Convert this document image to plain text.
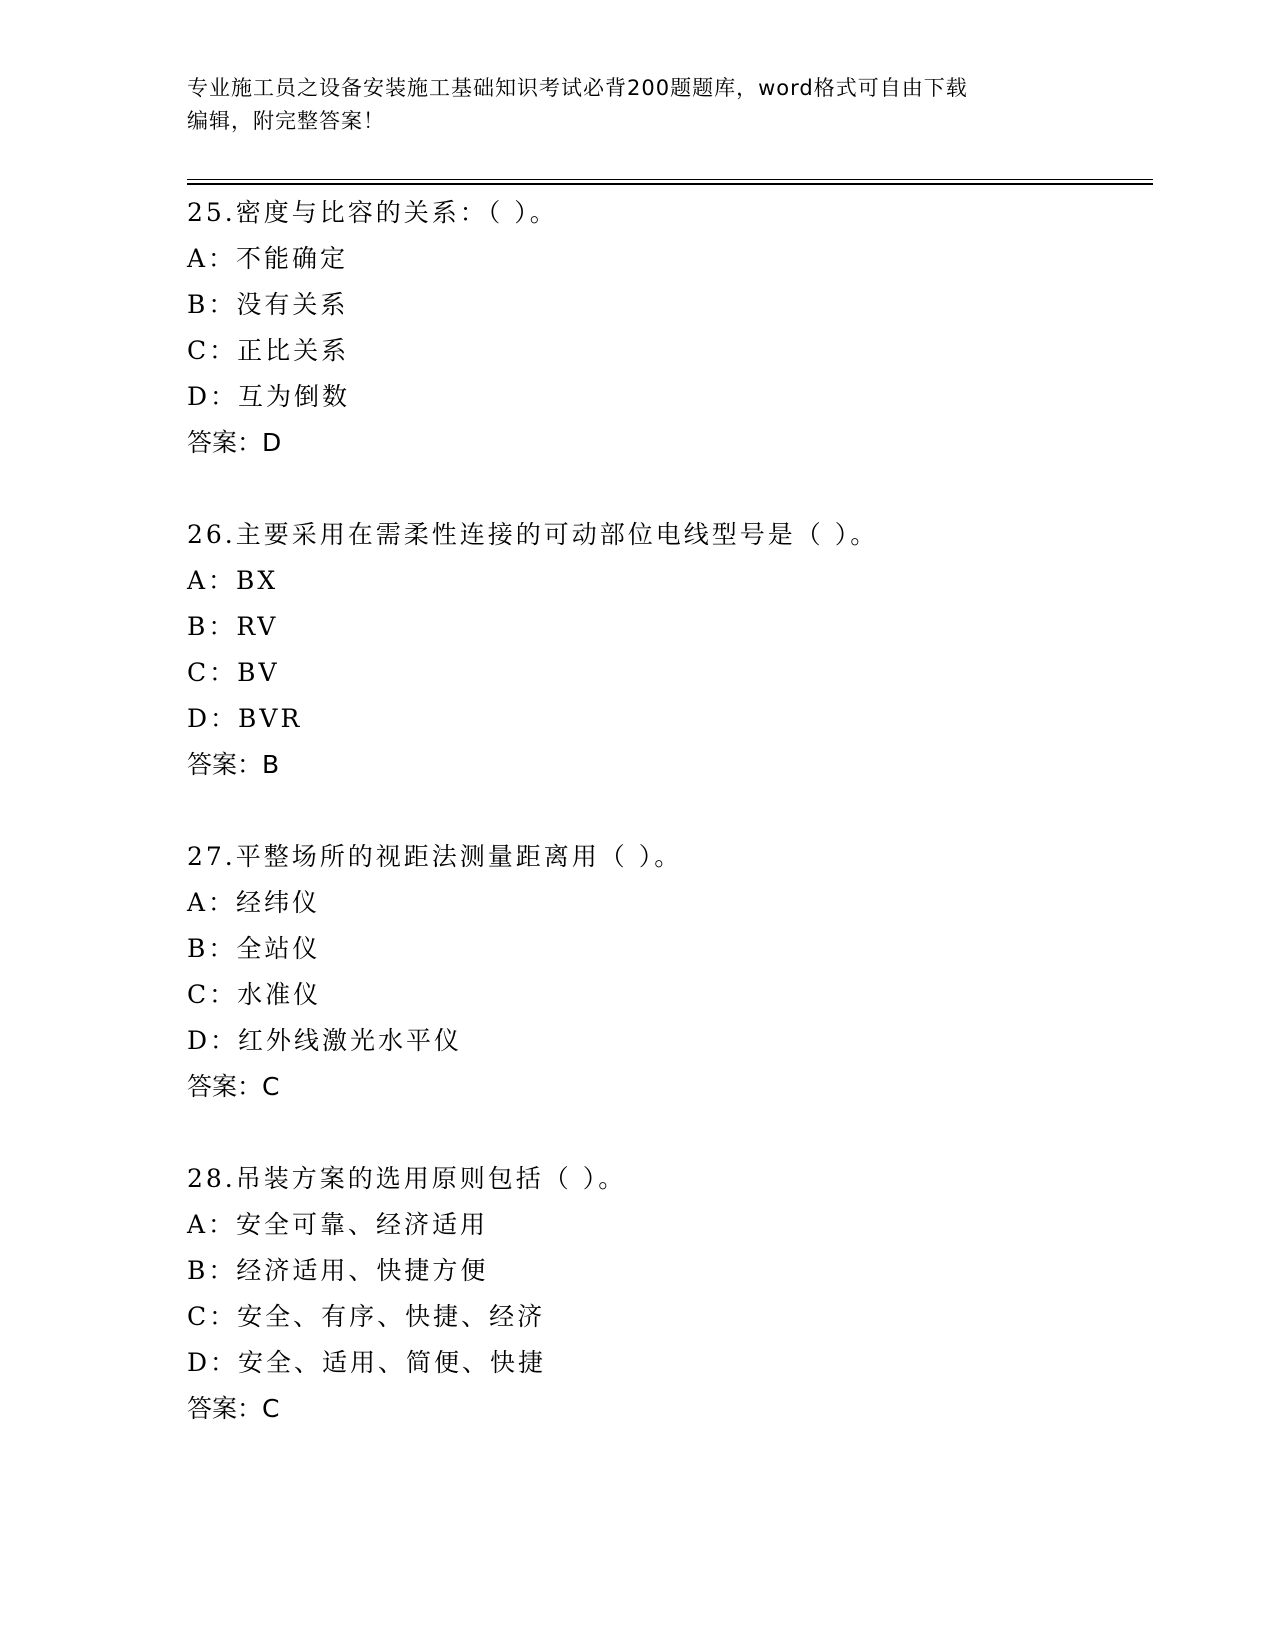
专业施工员之设备安装施工基础知识考试必背200题题库，word格式可自由下载
编辑，附完整答案！
25.密度与比容的关系：（ ）。
A：不能确定
B：没有关系
C：正比关系
D：互为倒数
答案：D
26.主要采用在需柔性连接的可动部位电线型号是（ ）。
A：BX
B：RV
C：BV
D：BVR
答案：B
27.平整场所的视距法测量距离用（ ）。
A：经纬仪
B：全站仪
C：水准仪
D：红外线激光水平仪
答案：C
28.吊装方案的选用原则包括（ ）。
A：安全可靠、经济适用
B：经济适用、快捷方便
C：安全、有序、快捷、经济
D：安全、适用、简便、快捷
答案：C
